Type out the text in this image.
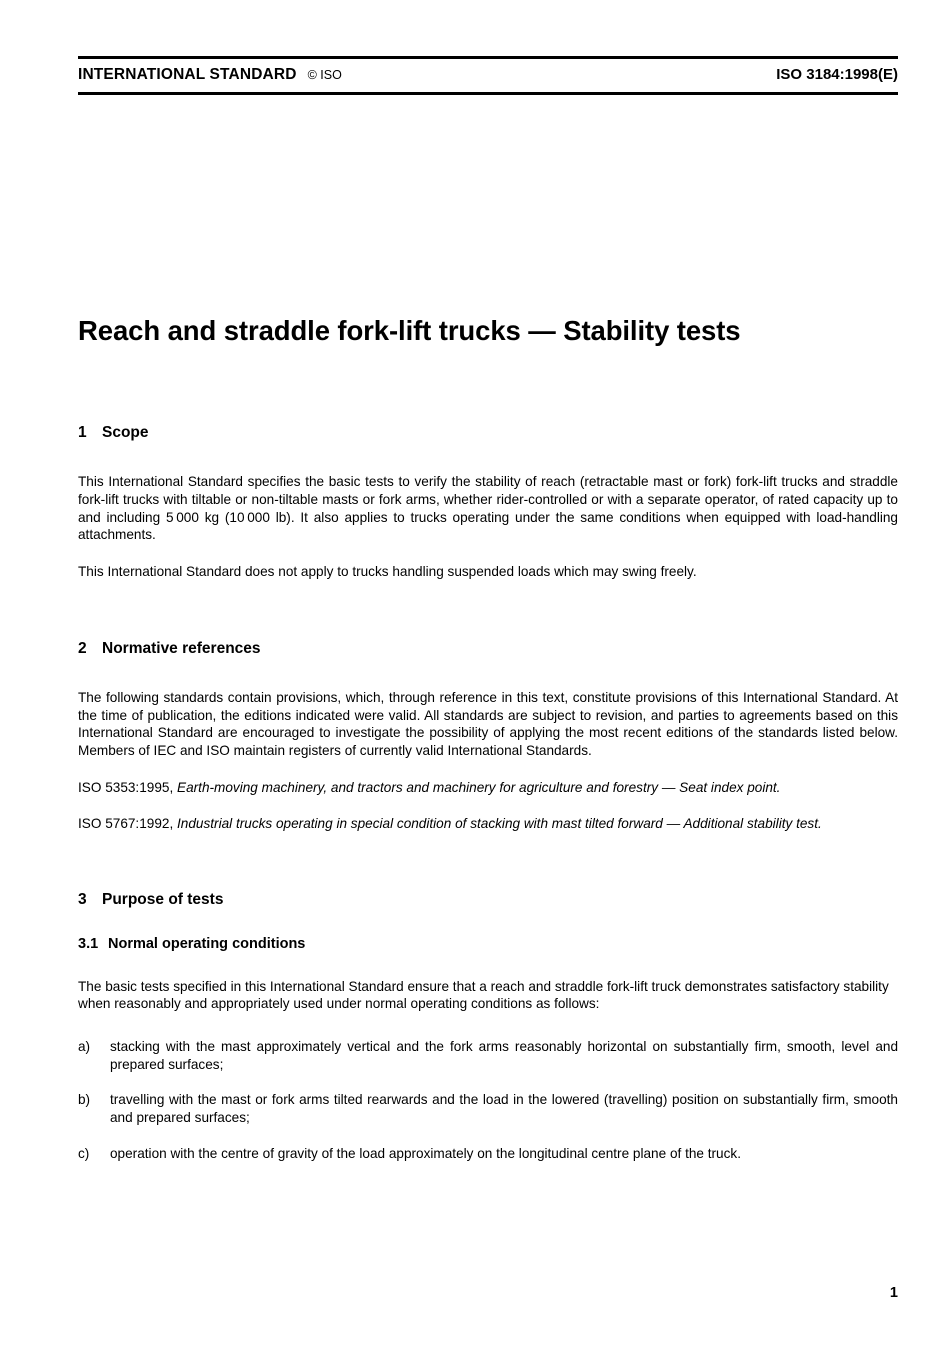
INTERNATIONAL STANDARD © ISO	ISO 3184:1998(E)
Reach and straddle fork-lift trucks — Stability tests
1 Scope

This International Standard specifies the basic tests to verify the stability of reach (retractable mast or fork) fork-lift trucks and straddle fork-lift trucks with tiltable or non-tiltable masts or fork arms, whether rider-controlled or with a separate operator, of rated capacity up to and including 5 000 kg (10 000 lb). It also applies to trucks operating under the same conditions when equipped with load-handling attachments.

This International Standard does not apply to trucks handling suspended loads which may swing freely.

2 Normative references

The following standards contain provisions, which, through reference in this text, constitute provisions of this International Standard. At the time of publication, the editions indicated were valid. All standards are subject to revision, and parties to agreements based on this International Standard are encouraged to investigate the possibility of applying the most recent editions of the standards listed below. Members of IEC and ISO maintain registers of currently valid International Standards.

ISO 5353:1995, Earth-moving machinery, and tractors and machinery for agriculture and forestry — Seat index point.

ISO 5767:1992, Industrial trucks operating in special condition of stacking with mast tilted forward — Additional stability test.

3 Purpose of tests
3.1 Normal operating conditions

The basic tests specified in this International Standard ensure that a reach and straddle fork-lift truck demonstrates satisfactory stability when reasonably and appropriately used under normal operating conditions as follows:

a)	stacking with the mast approximately vertical and the fork arms reasonably horizontal on substantially firm, smooth, level and prepared surfaces;
b)	travelling with the mast or fork arms tilted rearwards and the load in the lowered (travelling) position on substantially firm, smooth and prepared surfaces;
c)	operation with the centre of gravity of the load approximately on the longitudinal centre plane of the truck.
1
